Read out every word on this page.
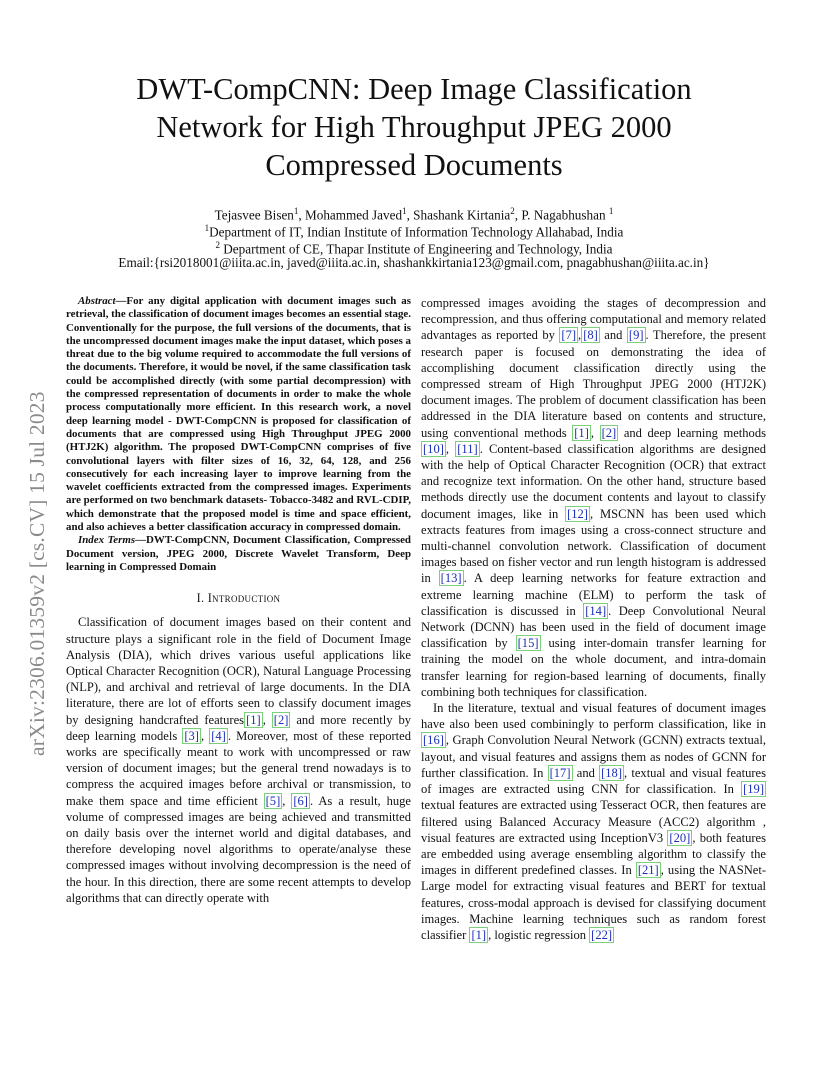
DWT-CompCNN: Deep Image Classification Network for High Throughput JPEG 2000 Compressed Documents
Tejasvee Bisen$^1$, Mohammed Javed$^1$, Shashank Kirtania$^2$, P. Nagabhushan $^1$
$^1$Department of IT, Indian Institute of Information Technology Allahabad, India
$^2$ Department of CE, Thapar Institute of Engineering and Technology, India
Email:{rsi2018001@iiita.ac.in, javed@iiita.ac.in, shashankkirtania123@gmail.com, pnagabhushan@iiita.ac.in}
arXiv:2306.01359v2 [cs.CV] 15 Jul 2023

Abstract—For any digital application with document images such as retrieval, the classification of document images becomes an essential stage. Conventionally for the purpose, the full versions of the documents, that is the uncompressed document images make the input dataset, which poses a threat due to the big volume required to accommodate the full versions of the documents. Therefore, it would be novel, if the same classification task could be accomplished directly (with some partial decompression) with the compressed representation of documents in order to make the whole process computationally more efficient. In this research work, a novel deep learning model - DWT-CompCNN is proposed for classification of documents that are compressed using High Throughput JPEG 2000 (HTJ2K) algorithm. The proposed DWT-CompCNN comprises of five convolutional layers with filter sizes of 16, 32, 64, 128, and 256 consecutively for each increasing layer to improve learning from the wavelet coefficients extracted from the compressed images. Experiments are performed on two benchmark datasets- Tobacco-3482 and RVL-CDIP, which demonstrate that the proposed model is time and space efficient, and also achieves a better classification accuracy in compressed domain.

Index Terms—DWT-CompCNN, Document Classification, Compressed Document version, JPEG 2000, Discrete Wavelet Transform, Deep learning in Compressed Domain

I. Introduction

Classification of document images based on their content and structure plays a significant role in the field of Document Image Analysis (DIA), which drives various useful applications like Optical Character Recognition (OCR), Natural Language Processing (NLP), and archival and retrieval of large documents. In the DIA literature, there are lot of efforts seen to classify document images by designing handcrafted features [1] , [2] and more recently by deep learning models [3] , [4] . Moreover, most of these reported works are specifically meant to work with uncompressed or raw version of document images; but the general trend nowadays is to compress the acquired images before archival or transmission, to make them space and time efficient [5] , [6] . As a result, huge volume of compressed images are being achieved and transmitted on daily basis over the internet world and digital databases, and therefore developing novel algorithms to operate/analyse these compressed images without involving decompression is the need of the hour. In this direction, there are some recent attempts to develop algorithms that can directly operate with

compressed images avoiding the stages of decompression and recompression, and thus offering computational and memory related advantages as reported by [7] , [8] and [9] . Therefore, the present research paper is focused on demonstrating the idea of accomplishing document classification directly using the compressed stream of High Throughput JPEG 2000 (HTJ2K) document images. The problem of document classification has been addressed in the DIA literature based on contents and structure, using conventional methods [1] , [2] and deep learning methods [10] , [11] . Content-based classification algorithms are designed with the help of Optical Character Recognition (OCR) that extract and recognize text information. On the other hand, structure based methods directly use the document contents and layout to classify document images, like in [12] , MSCNN has been used which extracts features from images using a cross-connect structure and multi-channel convolution network. Classification of document images based on fisher vector and run length histogram is addressed in [13] . A deep learning networks for feature extraction and extreme learning machine (ELM) to perform the task of classification is discussed in [14] . Deep Convolutional Neural Network (DCNN) has been used in the field of document image classification by [15] using inter-domain transfer learning for training the model on the whole document, and intra-domain transfer learning for region-based learning of documents, finally combining both techniques for classification.

In the literature, textual and visual features of document images have also been used combiningly to perform classification, like in [16] , Graph Convolution Neural Network (GCNN) extracts textual, layout, and visual features and assigns them as nodes of GCNN for further classification. In [17] and [18] , textual and visual features of images are extracted using CNN for classification. In [19] textual features are extracted using Tesseract OCR, then features are filtered using Balanced Accuracy Measure (ACC2) algorithm , visual features are extracted using InceptionV3 [20] , both features are embedded using average ensembling algorithm to classify the images in different predefined classes. In [21] , using the NASNet-Large model for extracting visual features and BERT for textual features, cross-modal approach is devised for classifying document images. Machine learning techniques such as random forest classifier [1] , logistic regression [22]
